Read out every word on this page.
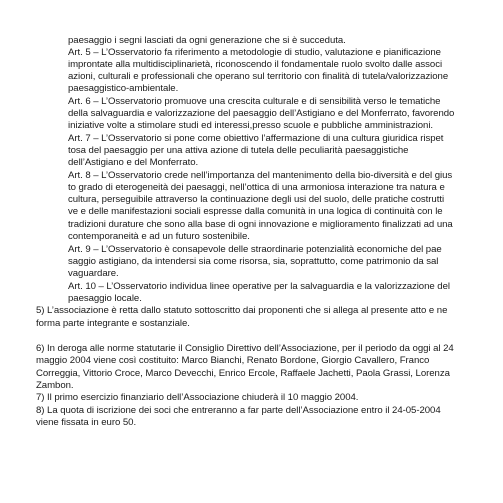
paesaggio i segni lasciati da ogni generazione che si è succeduta.

Art. 5 – L’Osservatorio fa riferimento a metodologie di studio, valutazione e pianificazione

improntate alla multidisciplinarietà, riconoscendo il fondamentale ruolo svolto dalle associ

azioni, culturali e professionali che operano sul territorio con finalità di tutela/valorizzazione

paesaggistico-ambientale.

Art. 6 – L’Osservatorio promuove una crescita culturale e di sensibilità verso le tematiche

della salvaguardia e valorizzazione del paesaggio dell’Astigiano e del Monferrato, favorendo

iniziative volte a stimolare studi ed interessi,presso scuole e pubbliche amministrazioni.

Art. 7 – L’Osservatorio si pone come obiettivo l’affermazione di una cultura giuridica rispet

tosa del paesaggio per una attiva azione di tutela delle peculiarità paesaggistiche

dell’Astigiano e del Monferrato.

Art. 8 – L’Osservatorio crede nell’importanza del mantenimento della bio-diversità e del gius

to grado di eterogeneità dei paesaggi, nell’ottica di una armoniosa interazione tra natura e

cultura, perseguibile attraverso la continuazione degli usi del suolo, delle pratiche costrutti

ve e delle manifestazioni sociali espresse dalla comunità in una logica di continuità con le

tradizioni durature che sono alla base di ogni innovazione e miglioramento finalizzati ad una

contemporaneità e ad un futuro sostenibile.

Art. 9 – L’Osservatorio è consapevole delle straordinarie potenzialità economiche del pae

saggio astigiano, da intendersi sia come risorsa, sia, soprattutto, come patrimonio da sal

vaguardare.

Art. 10 – L’Osservatorio individua linee operative per la salvaguardia e la valorizzazione del

paesaggio locale.

5) L’associazione è retta dallo statuto sottoscritto dai proponenti che si allega al presente atto e ne

forma parte integrante e sostanziale.

6) In deroga alle norme statutarie il Consiglio Direttivo dell’Associazione, per il periodo da oggi al 24

maggio 2004 viene così costituito: Marco Bianchi, Renato Bordone, Giorgio Cavallero, Franco

Correggia, Vittorio Croce, Marco Devecchi, Enrico Ercole, Raffaele Jachetti, Paola Grassi, Lorenza

Zambon.

7) Il primo esercizio finanziario dell’Associazione chiuderà il 10 maggio 2004.

8) La quota di iscrizione dei soci che entreranno a far parte dell’Associazione entro il 24-05-2004

viene fissata in euro 50.
